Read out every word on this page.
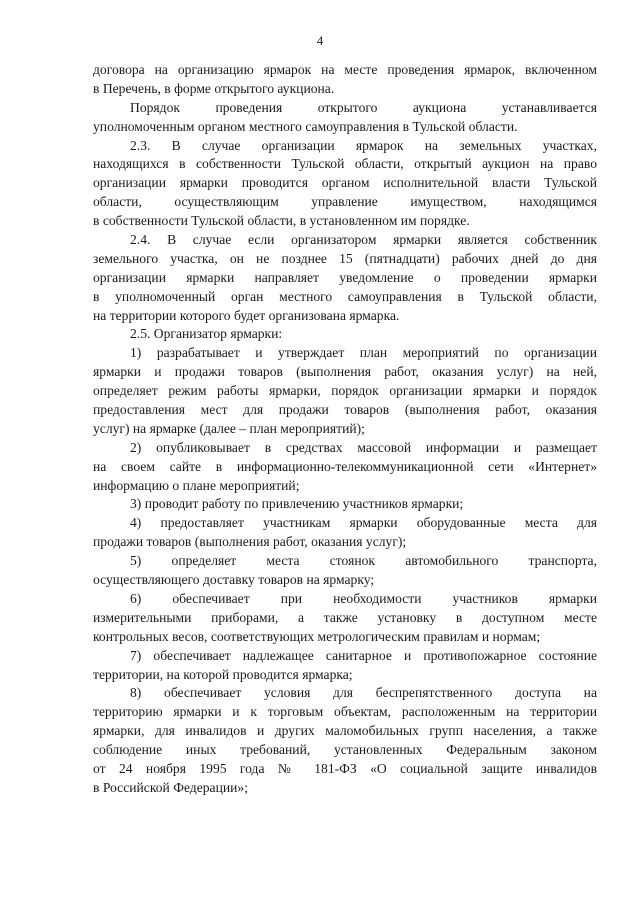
4
договора на организацию ярмарок на месте проведения ярмарок, включенном
в Перечень, в форме открытого аукциона.
Порядок проведения открытого аукциона устанавливается
уполномоченным органом местного самоуправления в Тульской области.
2.3. В случае организации ярмарок на земельных участках,
находящихся в собственности Тульской области, открытый аукцион на право
организации ярмарки проводится органом исполнительной власти Тульской
области, осуществляющим управление имуществом, находящимся
в собственности Тульской области, в установленном им порядке.
2.4. В случае если организатором ярмарки является собственник
земельного участка, он не позднее 15 (пятнадцати) рабочих дней до дня
организации ярмарки направляет уведомление о проведении ярмарки
в уполномоченный орган местного самоуправления в Тульской области,
на территории которого будет организована ярмарка.
2.5. Организатор ярмарки:
1) разрабатывает и утверждает план мероприятий по организации
ярмарки и продажи товаров (выполнения работ, оказания услуг) на ней,
определяет режим работы ярмарки, порядок организации ярмарки и порядок
предоставления мест для продажи товаров (выполнения работ, оказания
услуг) на ярмарке (далее – план мероприятий);
2) опубликовывает в средствах массовой информации и размещает
на своем сайте в информационно-телекоммуникационной сети «Интернет»
информацию о плане мероприятий;
3) проводит работу по привлечению участников ярмарки;
4) предоставляет участникам ярмарки оборудованные места для
продажи товаров (выполнения работ, оказания услуг);
5) определяет места стоянок автомобильного транспорта,
осуществляющего доставку товаров на ярмарку;
6) обеспечивает при необходимости участников ярмарки
измерительными приборами, а также установку в доступном месте
контрольных весов, соответствующих метрологическим правилам и нормам;
7) обеспечивает надлежащее санитарное и противопожарное состояние
территории, на которой проводится ярмарка;
8) обеспечивает условия для беспрепятственного доступа на
территорию ярмарки и к торговым объектам, расположенным на территории
ярмарки, для инвалидов и других маломобильных групп населения, а также
соблюдение иных требований, установленных Федеральным законом
от 24 ноября 1995 года № 181-ФЗ «О социальной защите инвалидов
в Российской Федерации»;
